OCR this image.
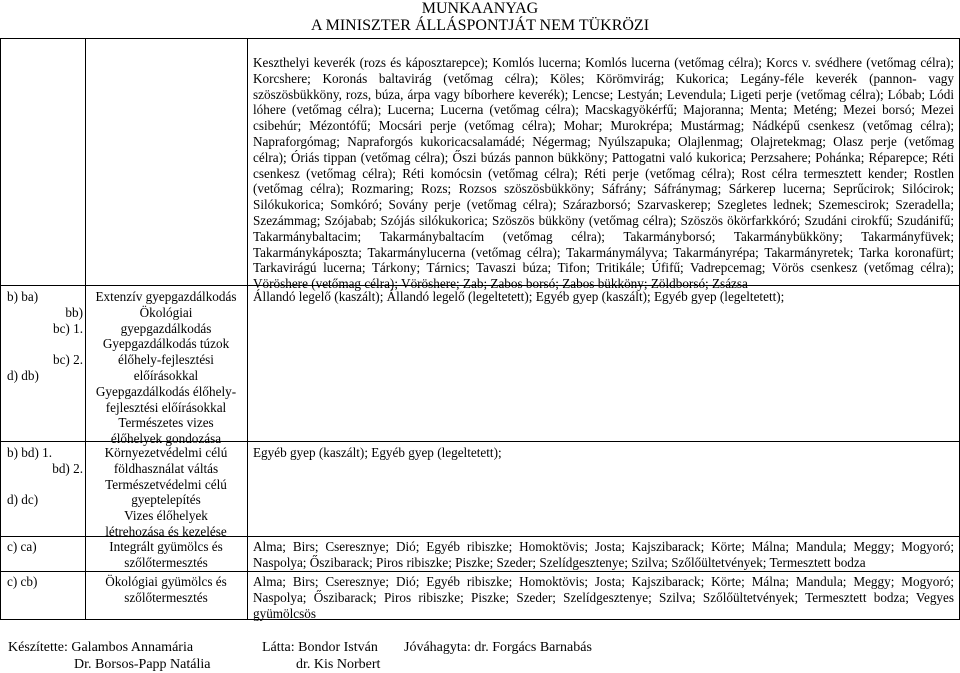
MUNKAANYAG
A MINISZTER ÁLLÁSPONTJÁT NEM TÜKRÖZI
Keszthelyi keverék (rozs és káposztarepce); Komlós lucerna; Komlós lucerna (vetőmag célra); Korcs v. svédhere (vetőmag célra); Korcshere; Koronás baltavirág (vetőmag célra); Köles; Körömvirág; Kukorica; Legány-féle keverék (pannon- vagy szöszösbükköny, rozs, búza, árpa vagy bíborhere keverék); Lencse; Lestyán; Levendula; Ligeti perje (vetőmag célra); Lóbab; Lódi lóhere (vetőmag célra); Lucerna; Lucerna (vetőmag célra); Macskagyökérfű; Majoranna; Menta; Meténg; Mezei borsó; Mezei csibehúr; Mézontófű; Mocsári perje (vetőmag célra); Mohar; Murokrépa; Mustármag; Nádképű csenkesz (vetőmag célra); Napraforgómag; Napraforgós kukoricacsalamádé; Négermag; Nyúlszapuka; Olajlenmag; Olajretekmag; Olasz perje (vetőmag célra); Óriás tippan (vetőmag célra); Őszi búzás pannon bükköny; Pattogatni való kukorica; Perzsahere; Pohánka; Réparepce; Réti csenkesz (vetőmag célra); Réti komócsin (vetőmag célra); Réti perje (vetőmag célra); Rost célra termesztett kender; Rostlen (vetőmag célra); Rozmaring; Rozs; Rozsos szöszösbükköny; Sáfrány; Sáfránymag; Sárkerep lucerna; Seprűcirok; Silócirok; Silókukorica; Somkóró; Sovány perje (vetőmag célra); Szárazborsó; Szarvaskerep; Szegletes lednek; Szemescirok; Szeradella; Szezámmag; Szójabab; Szójás silókukorica; Szöszös bükköny (vetőmag célra); Szöszös ökörfarkkóró; Szudáni cirokfű; Szudánifű; Takarmánybaltacim; Takarmánybaltacím (vetőmag célra); Takarmányborsó; Takarmánybükköny; Takarmányfüvek; Takarmánykáposzta; Takarmánylucerna (vetőmag célra); Takarmánymályva; Takarmányrépa; Takarmányretek; Tarka koronafürt; Tarkavirágú lucerna; Tárkony; Tárnics; Tavaszi búza; Tifon; Tritikále; Úfifű; Vadrepcemag; Vörös csenkesz (vetőmag célra); Vöröshere (vetőmag célra); Vöröshere; Zab; Zabos borsó; Zabos bükköny; Zöldborsó; Zsázsa
b) ba)
bb)
bc) 1.

bc) 2.
d) db)
Extenzív gyepgazdálkodás
Ökológiai
gyepgazdálkodás
Gyepgazdálkodás túzok
élőhely-fejlesztési
előírásokkal
Gyepgazdálkodás élőhely-
fejlesztési előírásokkal
Természetes vizes
élőhelyek gondozása
Állandó legelő (kaszált); Állandó legelő (legeltetett); Egyéb gyep (kaszált); Egyéb gyep (legeltetett);
b) bd) 1.
bd) 2.

d) dc)
Környezetvédelmi célú
földhasználat váltás
Természetvédelmi célú
gyeptelepítés
Vizes élőhelyek
létrehozása és kezelése
Egyéb gyep (kaszált); Egyéb gyep (legeltetett);
c) ca)	Integrált gyümölcs és
szőlőtermesztés
Alma; Birs; Cseresznye; Dió; Egyéb ribiszke; Homoktövis; Josta; Kajszibarack; Körte; Málna; Mandula; Meggy; Mogyoró; Naspolya; Őszibarack; Piros ribiszke; Piszke; Szeder; Szelídgesztenye; Szilva; Szőlőültetvények; Termesztett bodza
c) cb)	Ökológiai gyümölcs és
szőlőtermesztés
Alma; Birs; Cseresznye; Dió; Egyéb ribiszke; Homoktövis; Josta; Kajszibarack; Körte; Málna; Mandula; Meggy; Mogyoró; Naspolya; Őszibarack; Piros ribiszke; Piszke; Szeder; Szelídgesztenye; Szilva; Szőlőültetvények; Termesztett bodza; Vegyes gyümölcsös
Készítette: Galambos Annamária
Dr. Borsos-Papp Natália
Látta: Bondor István
dr. Kis Norbert
Jóváhagyta: dr. Forgács Barnabás
